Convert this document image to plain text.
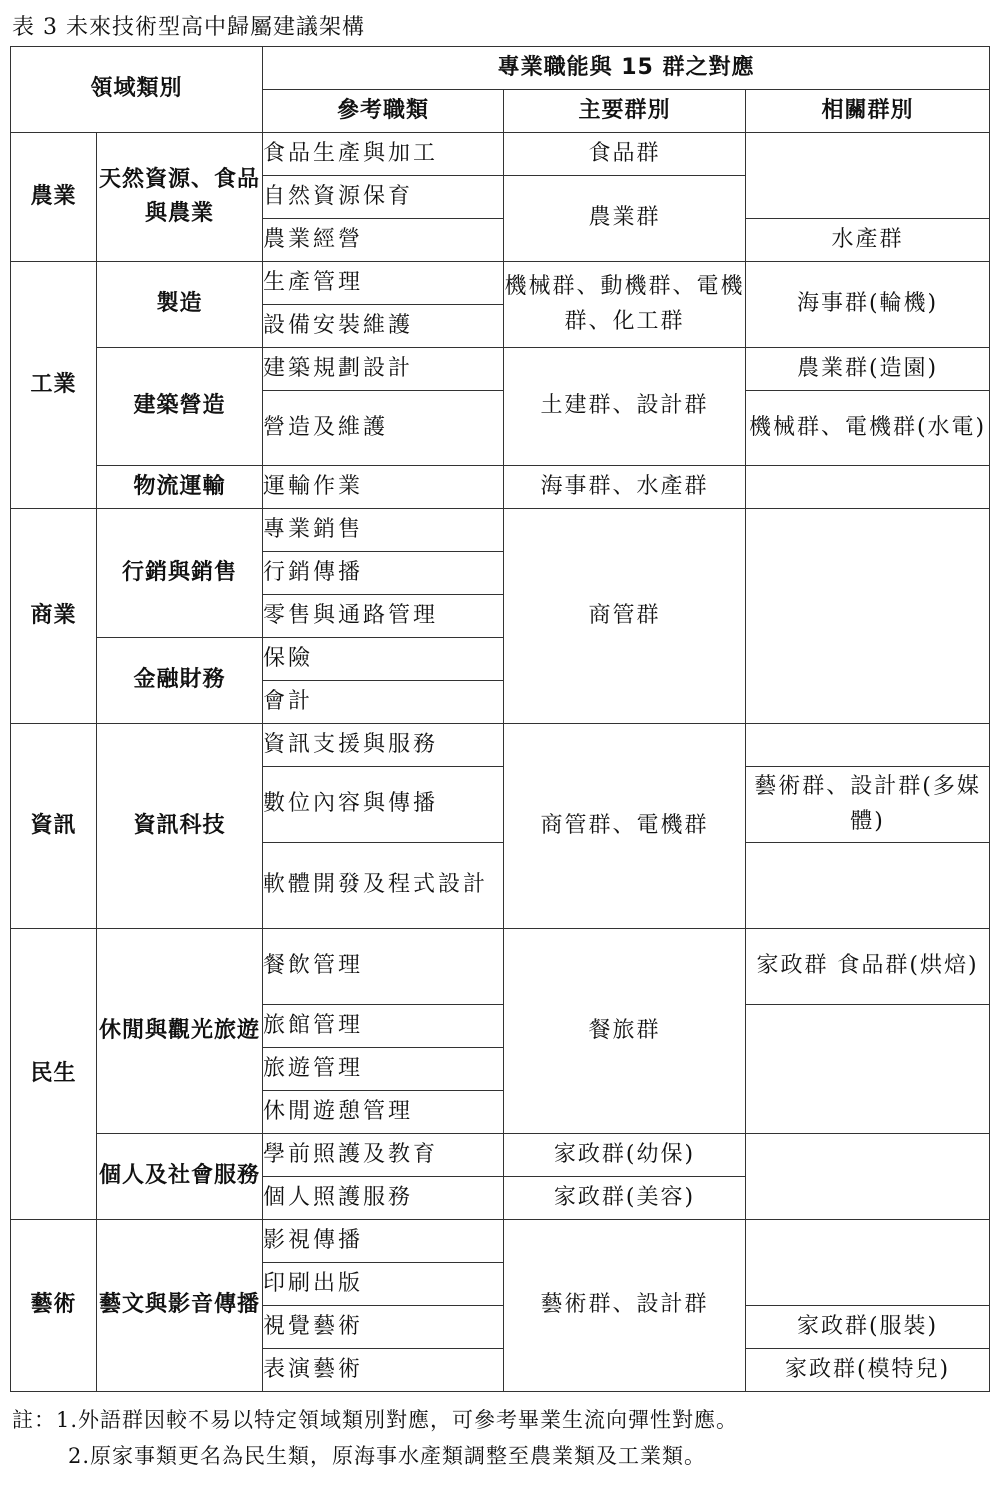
表 3 未來技術型高中歸屬建議架構
領域類別		專業職能與 15 群之對應		
		參考職類	主要群別	相關群別
農業	天然資源、食品與農業	食品生產與加工	食品群	
		自然資源保育	農業群	
		農業經營		水產群
工業	製造	生產管理	機械群、動機群、電機群、化工群	海事群(輪機)
		設備安裝維護		
	建築營造	建築規劃設計	土建群、設計群	農業群(造園)
		營造及維護		機械群、電機群(水電)
	物流運輸	運輸作業	海事群、水產群	
商業	行銷與銷售	專業銷售	商管群	
		行銷傳播		
		零售與通路管理		
	金融財務	保險		
		會計		
資訊	資訊科技	資訊支援與服務	商管群、電機群	
		數位內容與傳播		藝術群、設計群(多媒體)
		軟體開發及程式設計		
民生	休閒與觀光旅遊	餐飲管理	餐旅群	家政群 食品群(烘焙)
		旅館管理		
		旅遊管理		
		休閒遊憩管理		
	個人及社會服務	學前照護及教育	家政群(幼保)	
		個人照護服務	家政群(美容)	
藝術	藝文與影音傳播	影視傳播	藝術群、設計群	
		印刷出版		
		視覺藝術		家政群(服裝)
		表演藝術		家政群(模特兒)
註：1.外語群因較不易以特定領域類別對應，可參考畢業生流向彈性對應。
2.原家事類更名為民生類，原海事水產類調整至農業類及工業類。
